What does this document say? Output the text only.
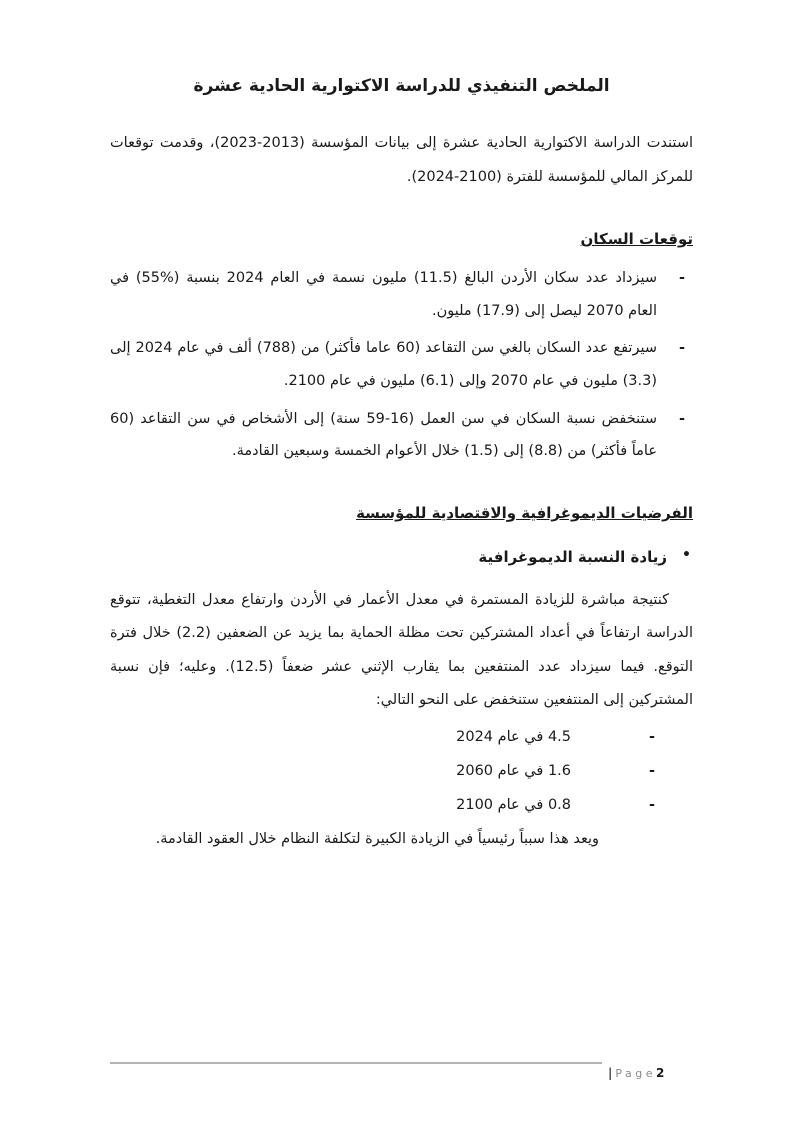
الملخص التنفيذي للدراسة الاكتوارية الحادية عشرة

استندت الدراسة الاكتوارية الحادية عشرة إلى بيانات المؤسسة (2013-2023)، وقدمت توقعات للمركز المالي للمؤسسة للفترة (2100-2024).

توقعات السكان
-
سيزداد عدد سكان الأردن البالغ (11.5) مليون نسمة في العام 2024 بنسبة (%55) في العام 2070 ليصل إلى (17.9) مليون.
-
سيرتفع عدد السكان بالغي سن التقاعد (60 عاما فأكثر) من (788) ألف في عام 2024 إلى (3.3) مليون في عام 2070 وإلى (6.1) مليون في عام 2100.
-
ستنخفض نسبة السكان في سن العمل (16-59 سنة) إلى الأشخاص في سن التقاعد (60 عاماً فأكثر) من (8.8) إلى (1.5) خلال الأعوام الخمسة وسبعين القادمة.
الفرضيات الديموغرافية والاقتصادية للمؤسسة
•
زيادة النسبة الديموغرافية

كنتيجة مباشرة للزيادة المستمرة في معدل الأعمار في الأردن وارتفاع معدل التغطية، تتوقع الدراسة ارتفاعاً في أعداد المشتركين تحت مظلة الحماية بما يزيد عن الضعفين (2.2) خلال فترة التوقع. فيما سيزداد عدد المنتفعين بما يقارب الإثني عشر ضعفاً (12.5). وعليه؛ فإن نسبة المشتركين إلى المنتفعين ستنخفض على النحو التالي:

-
4.5 في عام 2024
-
1.6 في عام 2060
-
0.8 في عام 2100

ويعد هذا سبباً رئيسياً في الزيادة الكبيرة لتكلفة النظام خلال العقود القادمة.

| Page2
